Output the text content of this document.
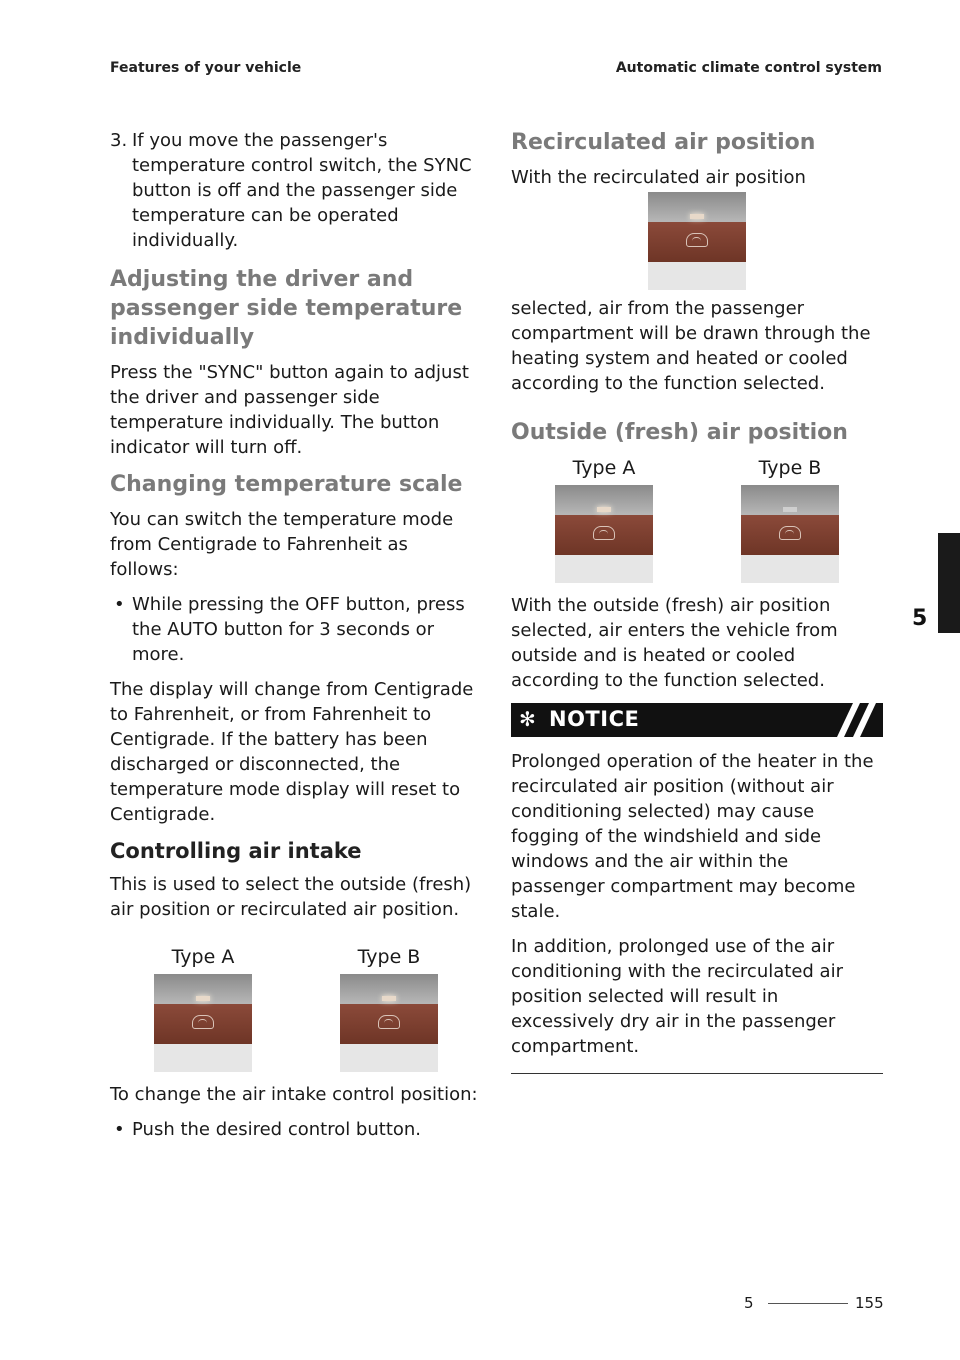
Features of your vehicle	Automatic climate control system
3. If you move the passenger's temperature control switch, the SYNC button is off and the passenger side temperature can be operated individually.
Adjusting the driver and passenger side temperature individually

Press the "SYNC" button again to adjust the driver and passenger side temperature individually. The button indicator will turn off.

Changing temperature scale

You can switch the temperature mode from Centigrade to Fahrenheit as follows:

• While pressing the OFF button, press the AUTO button for 3 seconds or more.

The display will change from Centigrade to Fahrenheit, or from Fahrenheit to Centigrade. If the battery has been discharged or disconnected, the temperature mode display will reset to Centigrade.

Controlling air intake

This is used to select the outside (fresh) air position or recirculated air position.

Type A	Type B

To change the air intake control position:

• Push the desired control button.
Recirculated air position

With the recirculated air position

selected, air from the passenger compartment will be drawn through the heating system and heated or cooled according to the function selected.

Outside (fresh) air position
Type A	Type B

With the outside (fresh) air position selected, air enters the vehicle from outside and is heated or cooled according to the function selected.

✻ NOTICE

Prolonged operation of the heater in the recirculated air position (without air conditioning selected) may cause fogging of the windshield and side windows and the air within the passenger compartment may become stale.

In addition, prolonged use of the air conditioning with the recirculated air position selected will result in excessively dry air in the passenger compartment.

5
5	155
